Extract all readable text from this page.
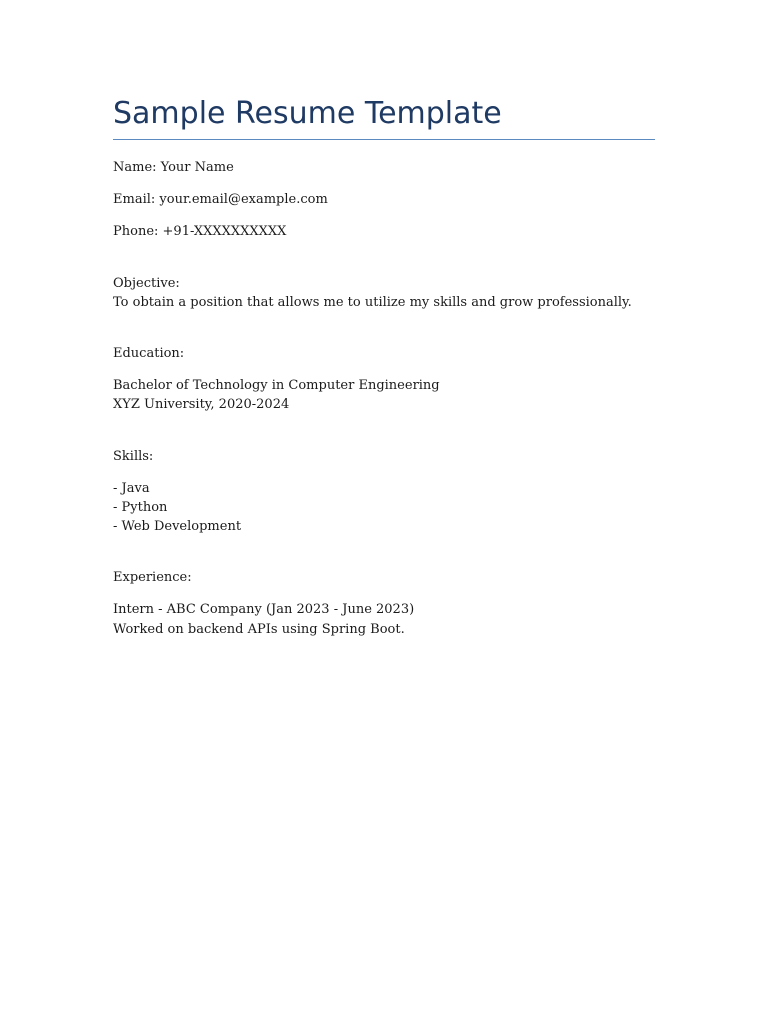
Sample Resume Template

Name: Your Name

Email: your.email@example.com

Phone: +91-XXXXXXXXXX

Objective:

To obtain a position that allows me to utilize my skills and grow professionally.

Education:

Bachelor of Technology in Computer Engineering

XYZ University, 2020-2024

Skills:

- Java

- Python

- Web Development

Experience:

Intern - ABC Company (Jan 2023 - June 2023)

Worked on backend APIs using Spring Boot.
